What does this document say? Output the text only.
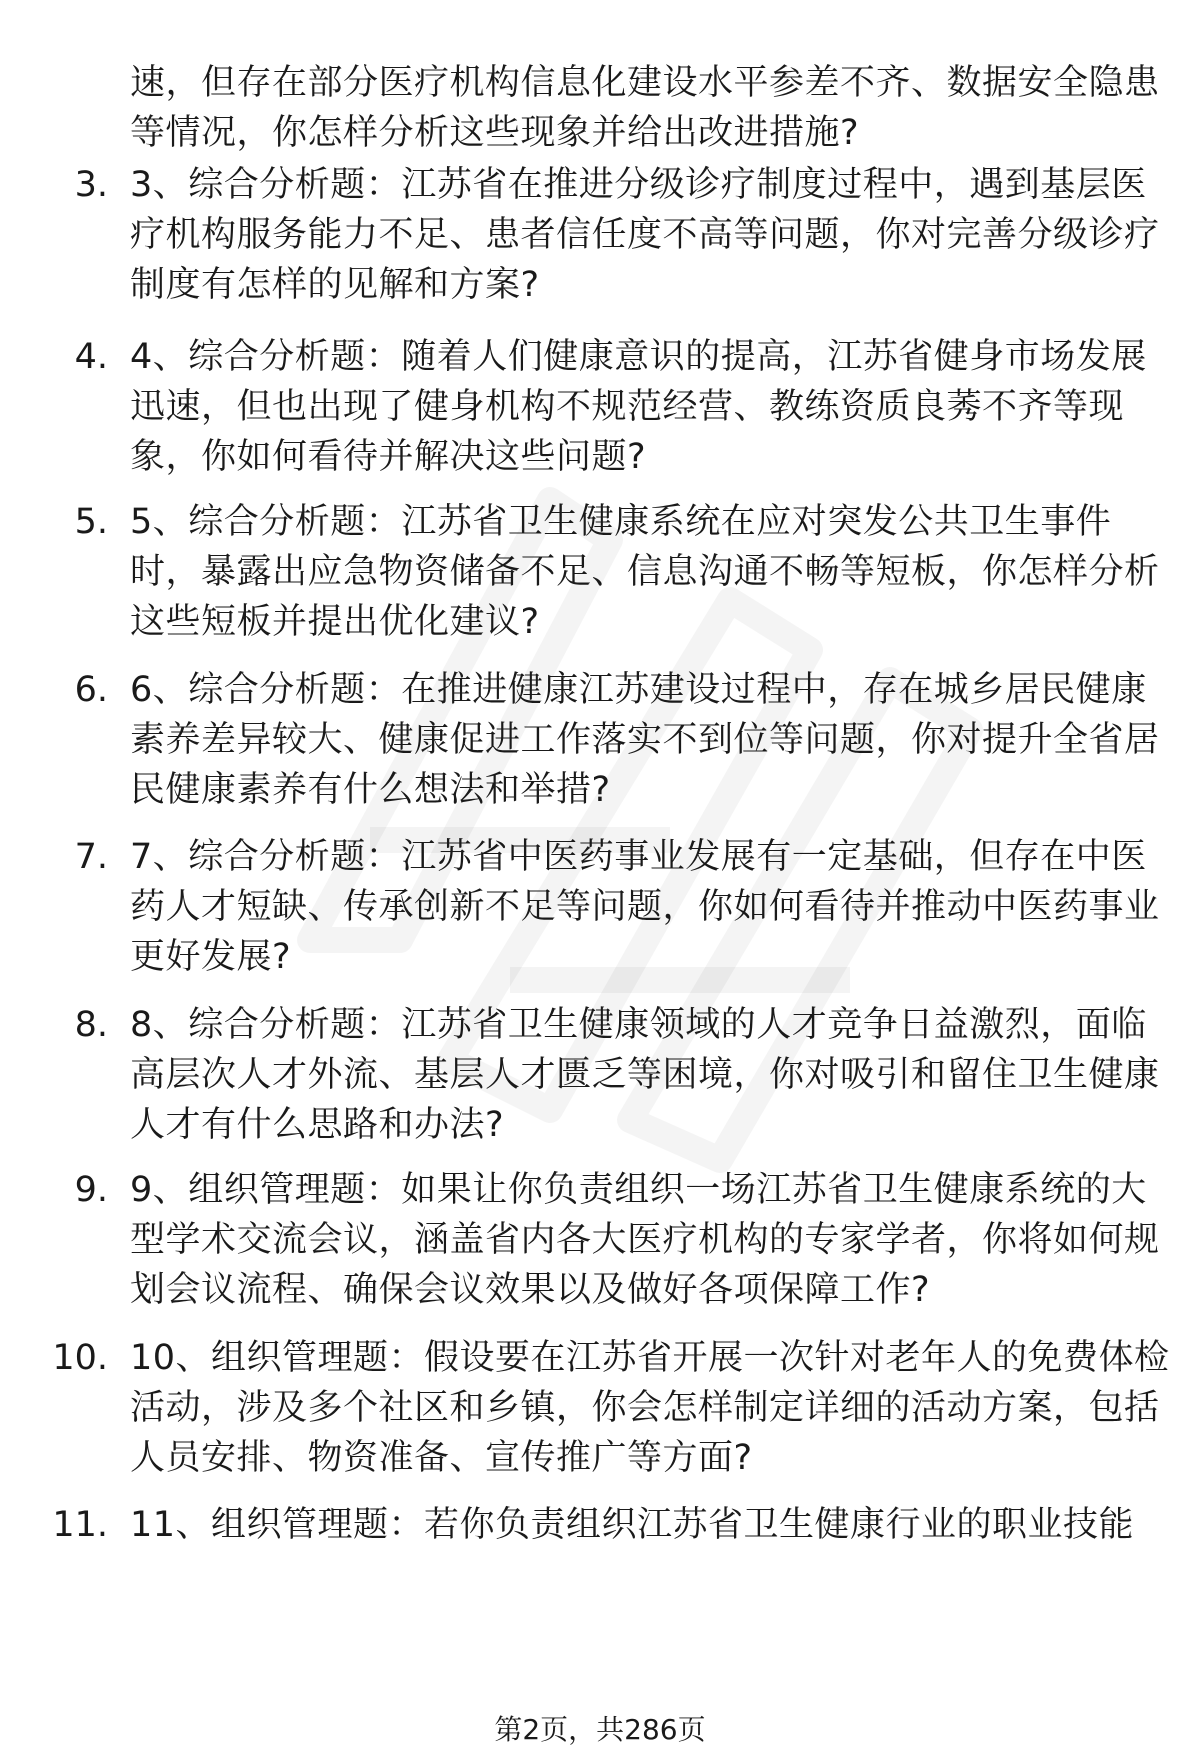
速，但存在部分医疗机构信息化建设水平参差不齐、数据安全隐患等情况，你怎样分析这些现象并给出改进措施?
3. 3、综合分析题：江苏省在推进分级诊疗制度过程中，遇到基层医疗机构服务能力不足、患者信任度不高等问题，你对完善分级诊疗制度有怎样的见解和方案?
4. 4、综合分析题：随着人们健康意识的提高，江苏省健身市场发展迅速，但也出现了健身机构不规范经营、教练资质良莠不齐等现象，你如何看待并解决这些问题?
5. 5、综合分析题：江苏省卫生健康系统在应对突发公共卫生事件时，暴露出应急物资储备不足、信息沟通不畅等短板，你怎样分析这些短板并提出优化建议?
6. 6、综合分析题：在推进健康江苏建设过程中，存在城乡居民健康素养差异较大、健康促进工作落实不到位等问题，你对提升全省居民健康素养有什么想法和举措?
7. 7、综合分析题：江苏省中医药事业发展有一定基础，但存在中医药人才短缺、传承创新不足等问题，你如何看待并推动中医药事业更好发展?
8. 8、综合分析题：江苏省卫生健康领域的人才竞争日益激烈，面临高层次人才外流、基层人才匮乏等困境，你对吸引和留住卫生健康人才有什么思路和办法?
9. 9、组织管理题：如果让你负责组织一场江苏省卫生健康系统的大型学术交流会议，涵盖省内各大医疗机构的专家学者，你将如何规划会议流程、确保会议效果以及做好各项保障工作?
10. 10、组织管理题：假设要在江苏省开展一次针对老年人的免费体检活动，涉及多个社区和乡镇，你会怎样制定详细的活动方案，包括人员安排、物资准备、宣传推广等方面?
11. 11、组织管理题：若你负责组织江苏省卫生健康行业的职业技能
第2页，共286页
